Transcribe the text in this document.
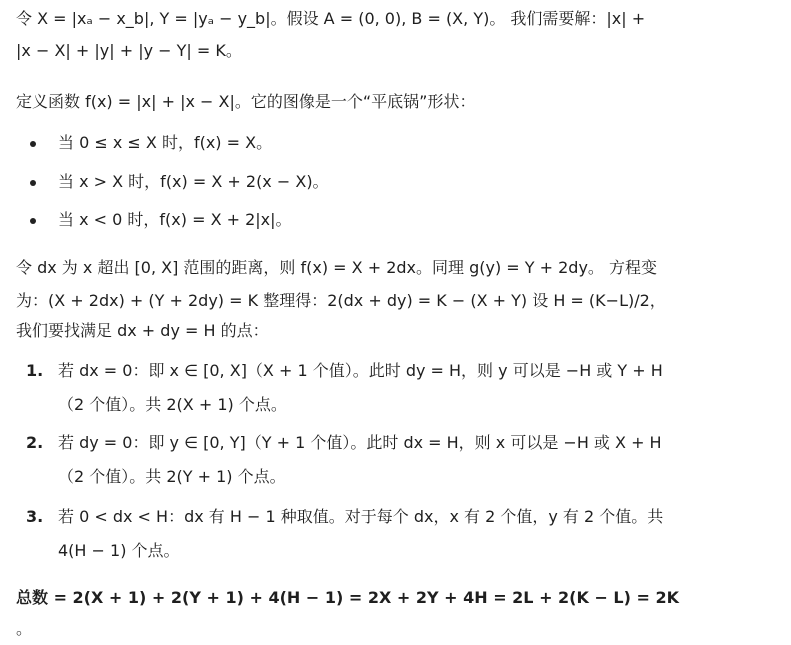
令 X = |xₐ − x_b|, Y = |yₐ − y_b|。假设 A = (0, 0), B = (X, Y)。 我们需要解：|x| +
|x − X| + |y| + |y − Y| = K。
定义函数 f(x) = |x| + |x − X|。它的图像是一个“平底锅”形状：
当 0 ≤ x ≤ X 时，f(x) = X。
当 x > X 时，f(x) = X + 2(x − X)。
当 x < 0 时，f(x) = X + 2|x|。
令 dx 为 x 超出 [0, X] 范围的距离，则 f(x) = X + 2dx。同理 g(y) = Y + 2dy。 方程变
为：(X + 2dx) + (Y + 2dy) = K 整理得：2(dx + dy) = K − (X + Y) 设 H = (K−L)/2，
我们要找满足 dx + dy = H 的点：
1. 若 dx = 0：即 x ∈ [0, X]（X + 1 个值）。此时 dy = H，则 y 可以是 −H 或 Y + H
（2 个值）。共 2(X + 1) 个点。
2. 若 dy = 0：即 y ∈ [0, Y]（Y + 1 个值）。此时 dx = H，则 x 可以是 −H 或 X + H
（2 个值）。共 2(Y + 1) 个点。
3. 若 0 < dx < H：dx 有 H − 1 种取值。对于每个 dx，x 有 2 个值，y 有 2 个值。共
4(H − 1) 个点。
总数 = 2(X + 1) + 2(Y + 1) + 4(H − 1) = 2X + 2Y + 4H = 2L + 2(K − L) = 2K
。
